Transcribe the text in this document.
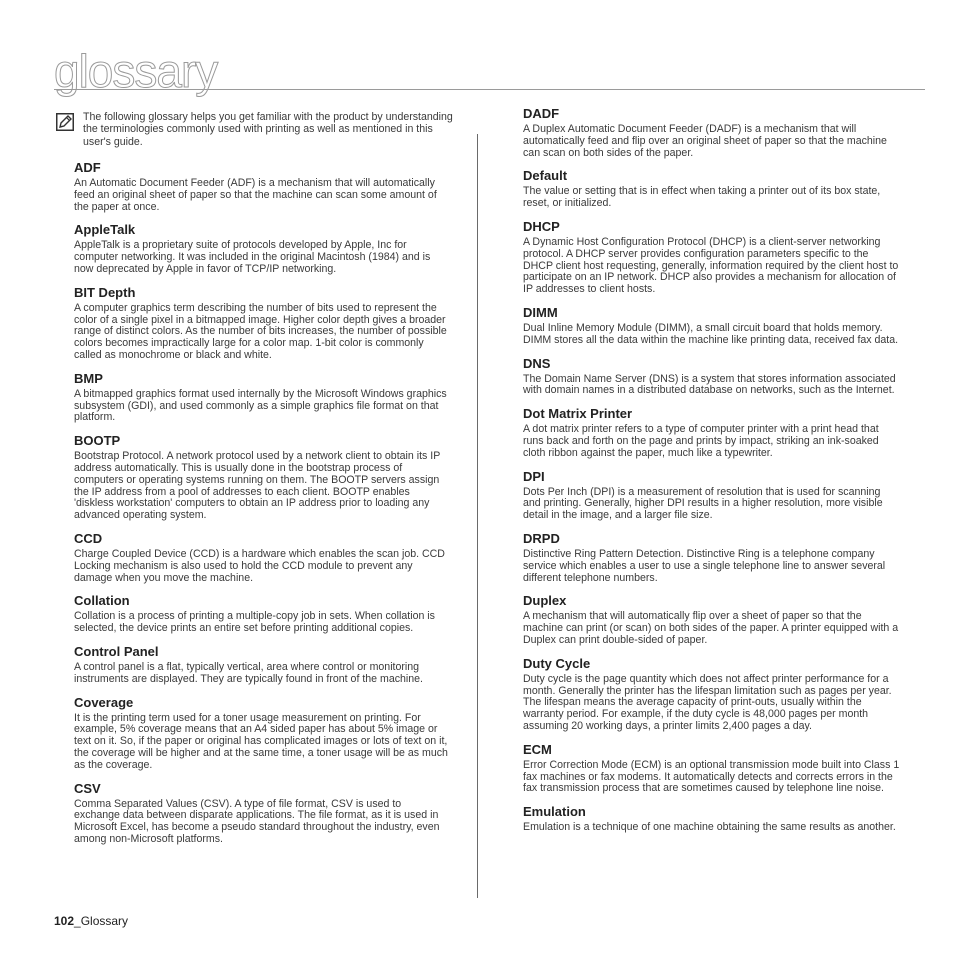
glossary
The following glossary helps you get familiar with the product by understanding the terminologies commonly used with printing as well as mentioned in this user's guide.
ADF

An Automatic Document Feeder (ADF) is a mechanism that will automatically feed an original sheet of paper so that the machine can scan some amount of the paper at once.

AppleTalk

AppleTalk is a proprietary suite of protocols developed by Apple, Inc for computer networking. It was included in the original Macintosh (1984) and is now deprecated by Apple in favor of TCP/IP networking.

BIT Depth

A computer graphics term describing the number of bits used to represent the color of a single pixel in a bitmapped image. Higher color depth gives a broader range of distinct colors. As the number of bits increases, the number of possible colors becomes impractically large for a color map. 1-bit color is commonly called as monochrome or black and white.

BMP

A bitmapped graphics format used internally by the Microsoft Windows graphics subsystem (GDI), and used commonly as a simple graphics file format on that platform.

BOOTP

Bootstrap Protocol. A network protocol used by a network client to obtain its IP address automatically. This is usually done in the bootstrap process of computers or operating systems running on them. The BOOTP servers assign the IP address from a pool of addresses to each client. BOOTP enables 'diskless workstation' computers to obtain an IP address prior to loading any advanced operating system.

CCD

Charge Coupled Device (CCD) is a hardware which enables the scan job. CCD Locking mechanism is also used to hold the CCD module to prevent any damage when you move the machine.

Collation

Collation is a process of printing a multiple-copy job in sets. When collation is selected, the device prints an entire set before printing additional copies.

Control Panel

A control panel is a flat, typically vertical, area where control or monitoring instruments are displayed. They are typically found in front of the machine.

Coverage

It is the printing term used for a toner usage measurement on printing. For example, 5% coverage means that an A4 sided paper has about 5% image or text on it. So, if the paper or original has complicated images or lots of text on it, the coverage will be higher and at the same time, a toner usage will be as much as the coverage.

CSV

Comma Separated Values (CSV). A type of file format, CSV is used to exchange data between disparate applications. The file format, as it is used in Microsoft Excel, has become a pseudo standard throughout the industry, even among non-Microsoft platforms.

DADF

A Duplex Automatic Document Feeder (DADF) is a mechanism that will automatically feed and flip over an original sheet of paper so that the machine can scan on both sides of the paper.

Default

The value or setting that is in effect when taking a printer out of its box state, reset, or initialized.

DHCP

A Dynamic Host Configuration Protocol (DHCP) is a client-server networking protocol. A DHCP server provides configuration parameters specific to the DHCP client host requesting, generally, information required by the client host to participate on an IP network. DHCP also provides a mechanism for allocation of IP addresses to client hosts.

DIMM

Dual Inline Memory Module (DIMM), a small circuit board that holds memory. DIMM stores all the data within the machine like printing data, received fax data.

DNS

The Domain Name Server (DNS) is a system that stores information associated with domain names in a distributed database on networks, such as the Internet.

Dot Matrix Printer

A dot matrix printer refers to a type of computer printer with a print head that runs back and forth on the page and prints by impact, striking an ink-soaked cloth ribbon against the paper, much like a typewriter.

DPI

Dots Per Inch (DPI) is a measurement of resolution that is used for scanning and printing. Generally, higher DPI results in a higher resolution, more visible detail in the image, and a larger file size.

DRPD

Distinctive Ring Pattern Detection. Distinctive Ring is a telephone company service which enables a user to use a single telephone line to answer several different telephone numbers.

Duplex

A mechanism that will automatically flip over a sheet of paper so that the machine can print (or scan) on both sides of the paper. A printer equipped with a Duplex can print double-sided of paper.

Duty Cycle

Duty cycle is the page quantity which does not affect printer performance for a month. Generally the printer has the lifespan limitation such as pages per year. The lifespan means the average capacity of print-outs, usually within the warranty period. For example, if the duty cycle is 48,000 pages per month assuming 20 working days, a printer limits 2,400 pages a day.

ECM

Error Correction Mode (ECM) is an optional transmission mode built into Class 1 fax machines or fax modems. It automatically detects and corrects errors in the fax transmission process that are sometimes caused by telephone line noise.

Emulation

Emulation is a technique of one machine obtaining the same results as another.

102_Glossary
